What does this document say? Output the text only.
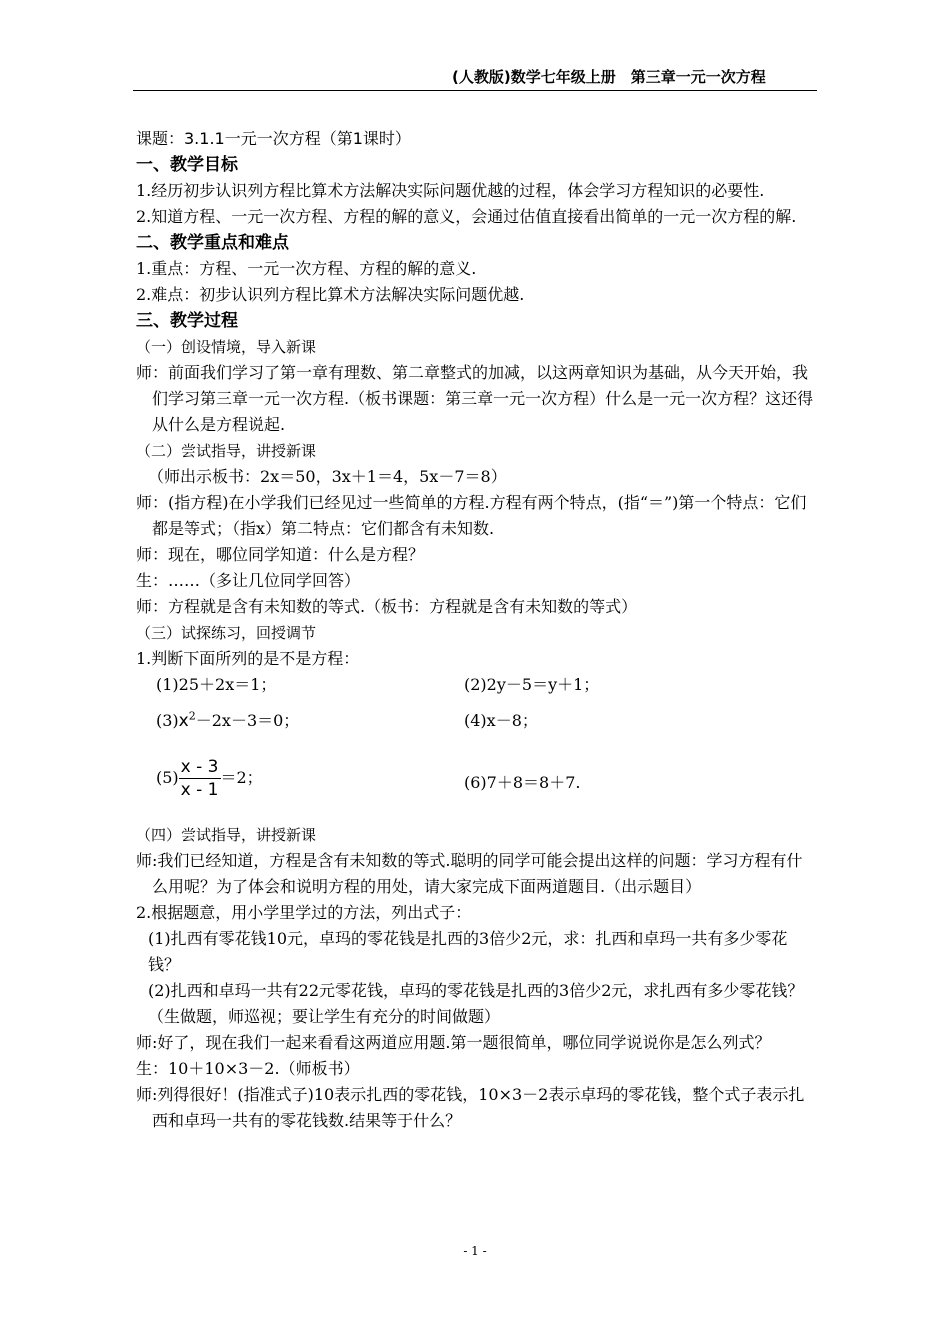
(人教版)数学七年级上册　第三章一元一次方程

课题：3.1.1一元一次方程（第1课时）

一、教学目标

1.经历初步认识列方程比算术方法解决实际问题优越的过程，体会学习方程知识的必要性.

2.知道方程、一元一次方程、方程的解的意义，会通过估值直接看出简单的一元一次方程的解.

二、教学重点和难点

1.重点：方程、一元一次方程、方程的解的意义.

2.难点：初步认识列方程比算术方法解决实际问题优越.

三、教学过程

（一）创设情境，导入新课

师：前面我们学习了第一章有理数、第二章整式的加减，以这两章知识为基础，从今天开始，我们学习第三章一元一次方程.（板书课题：第三章一元一次方程）什么是一元一次方程？这还得从什么是方程说起.

（二）尝试指导，讲授新课

（师出示板书：2x＝50，3x＋1＝4，5x－7＝8）

师：(指方程)在小学我们已经见过一些简单的方程.方程有两个特点，(指“＝”)第一个特点：它们都是等式；（指x）第二特点：它们都含有未知数.

师：现在，哪位同学知道：什么是方程？

生：……（多让几位同学回答）

师：方程就是含有未知数的等式.（板书：方程就是含有未知数的等式）

（三）试探练习，回授调节

1.判断下面所列的是不是方程：

(1)25＋2x＝1；	(2)2y－5＝y＋1；
$(3)x^2-2x-3=0$；	(4)x－8；
$(5) \frac{x - 3}{x - 1} =2$；	(6)7＋8＝8＋7.

（四）尝试指导，讲授新课

师:我们已经知道，方程是含有未知数的等式.聪明的同学可能会提出这样的问题：学习方程有什么用呢？为了体会和说明方程的用处，请大家完成下面两道题目.（出示题目）

2.根据题意，用小学里学过的方法，列出式子：

(1)扎西有零花钱10元，卓玛的零花钱是扎西的3倍少2元，求：扎西和卓玛一共有多少零花钱？

(2)扎西和卓玛一共有22元零花钱，卓玛的零花钱是扎西的3倍少2元，求扎西有多少零花钱？

（生做题，师巡视；要让学生有充分的时间做题）

师:好了，现在我们一起来看看这两道应用题.第一题很简单，哪位同学说说你是怎么列式？

生：10＋10×3－2.（师板书）

师:列得很好！(指准式子)10表示扎西的零花钱，10×3－2表示卓玛的零花钱，整个式子表示扎西和卓玛一共有的零花钱数.结果等于什么？

- 1 -
